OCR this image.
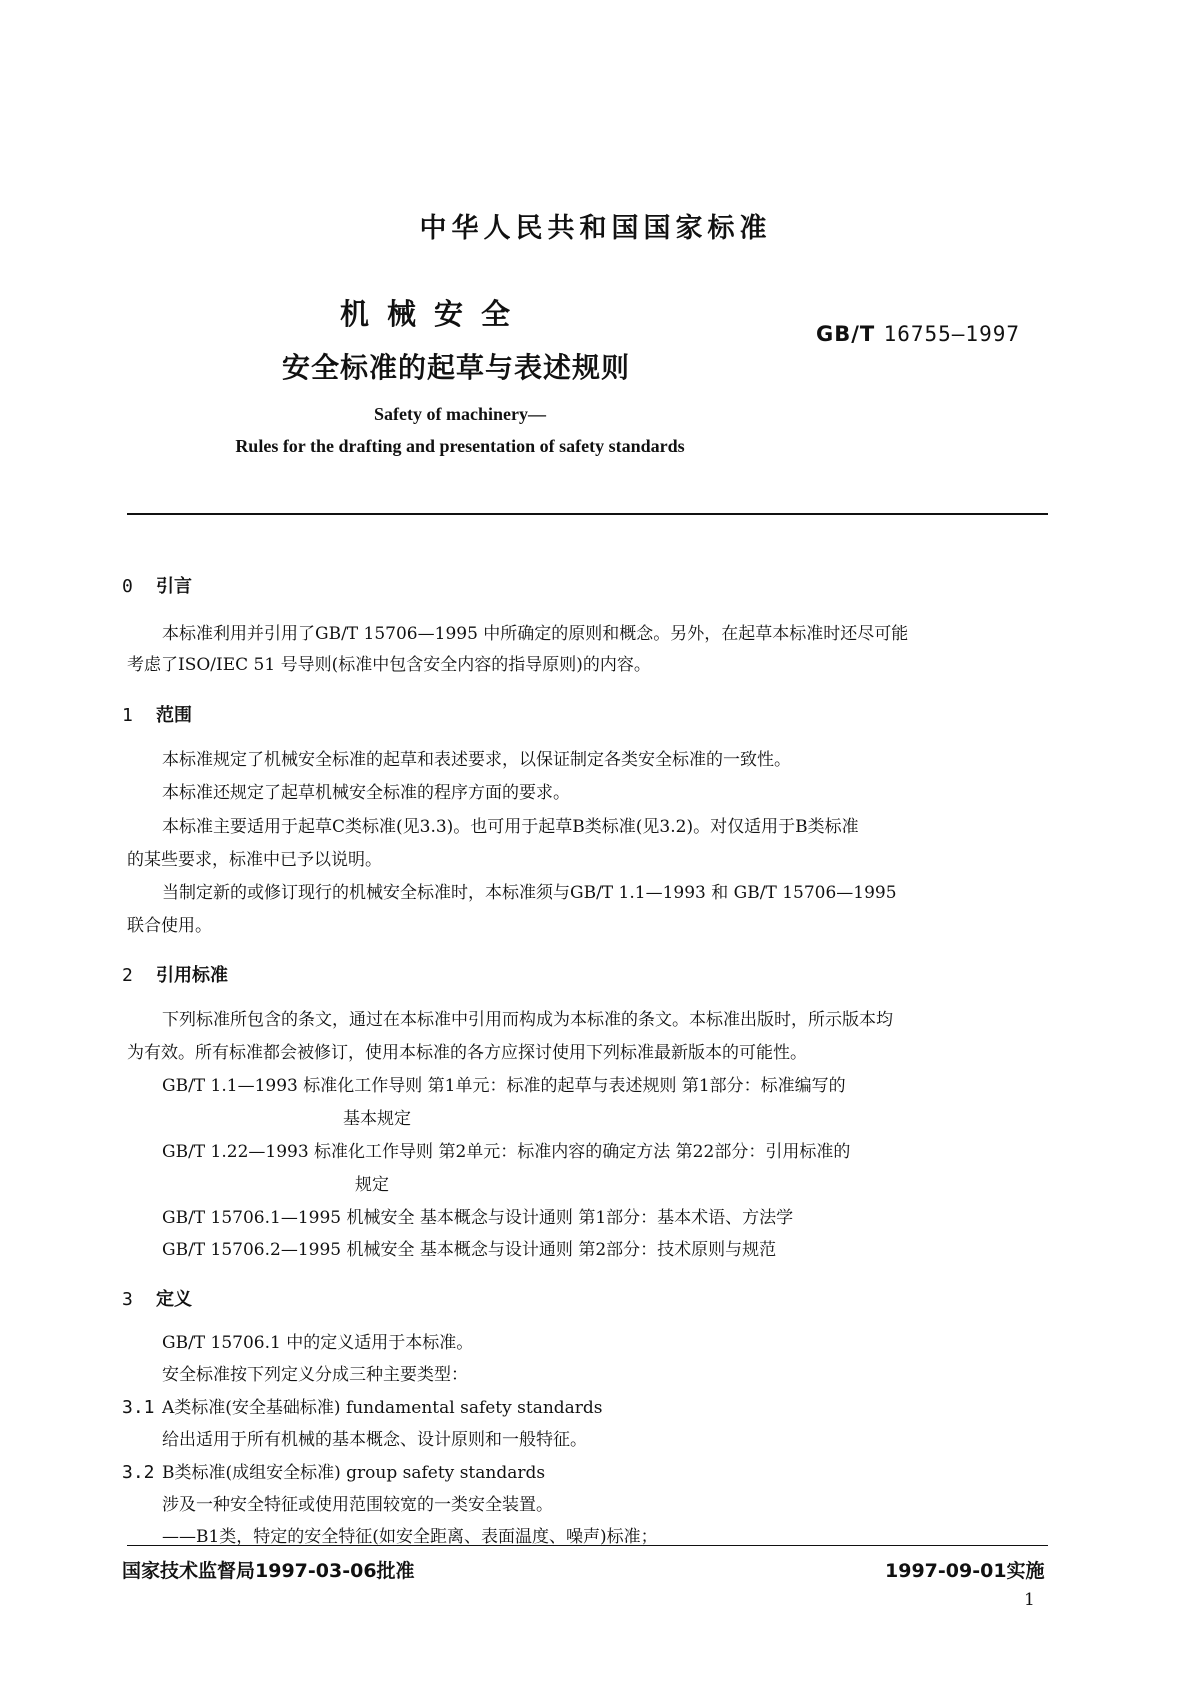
中华人民共和国国家标准
机械安全
安全标准的起草与表述规则
GB/T 16755—1997
Safety of machinery—
Rules for the drafting and presentation of safety standards
0 引言
本标准利用并引用了GB/T 15706—1995 中所确定的原则和概念。另外，在起草本标准时还尽可能
考虑了ISO/IEC 51 号导则(标准中包含安全内容的指导原则)的内容。
1 范围
本标准规定了机械安全标准的起草和表述要求，以保证制定各类安全标准的一致性。
本标准还规定了起草机械安全标准的程序方面的要求。
本标准主要适用于起草C类标准(见3.3)。也可用于起草B类标准(见3.2)。对仅适用于B类标准
的某些要求，标准中已予以说明。
当制定新的或修订现行的机械安全标准时，本标准须与GB/T 1.1—1993 和 GB/T 15706—1995
联合使用。
2 引用标准
下列标准所包含的条文，通过在本标准中引用而构成为本标准的条文。本标准出版时，所示版本均
为有效。所有标准都会被修订，使用本标准的各方应探讨使用下列标准最新版本的可能性。
GB/T 1.1—1993 标准化工作导则 第1单元：标准的起草与表述规则 第1部分：标准编写的
基本规定
GB/T 1.22—1993 标准化工作导则 第2单元：标准内容的确定方法 第22部分：引用标准的
规定
GB/T 15706.1—1995 机械安全 基本概念与设计通则 第1部分：基本术语、方法学
GB/T 15706.2—1995 机械安全 基本概念与设计通则 第2部分：技术原则与规范
3 定义
GB/T 15706.1 中的定义适用于本标准。
安全标准按下列定义分成三种主要类型：
3.1 A类标准(安全基础标准) fundamental safety standards
给出适用于所有机械的基本概念、设计原则和一般特征。
3.2 B类标准(成组安全标准) group safety standards
涉及一种安全特征或使用范围较宽的一类安全装置。
——B1类，特定的安全特征(如安全距离、表面温度、噪声)标准；
国家技术监督局1997-03-06批准	1997-09-01实施
1
